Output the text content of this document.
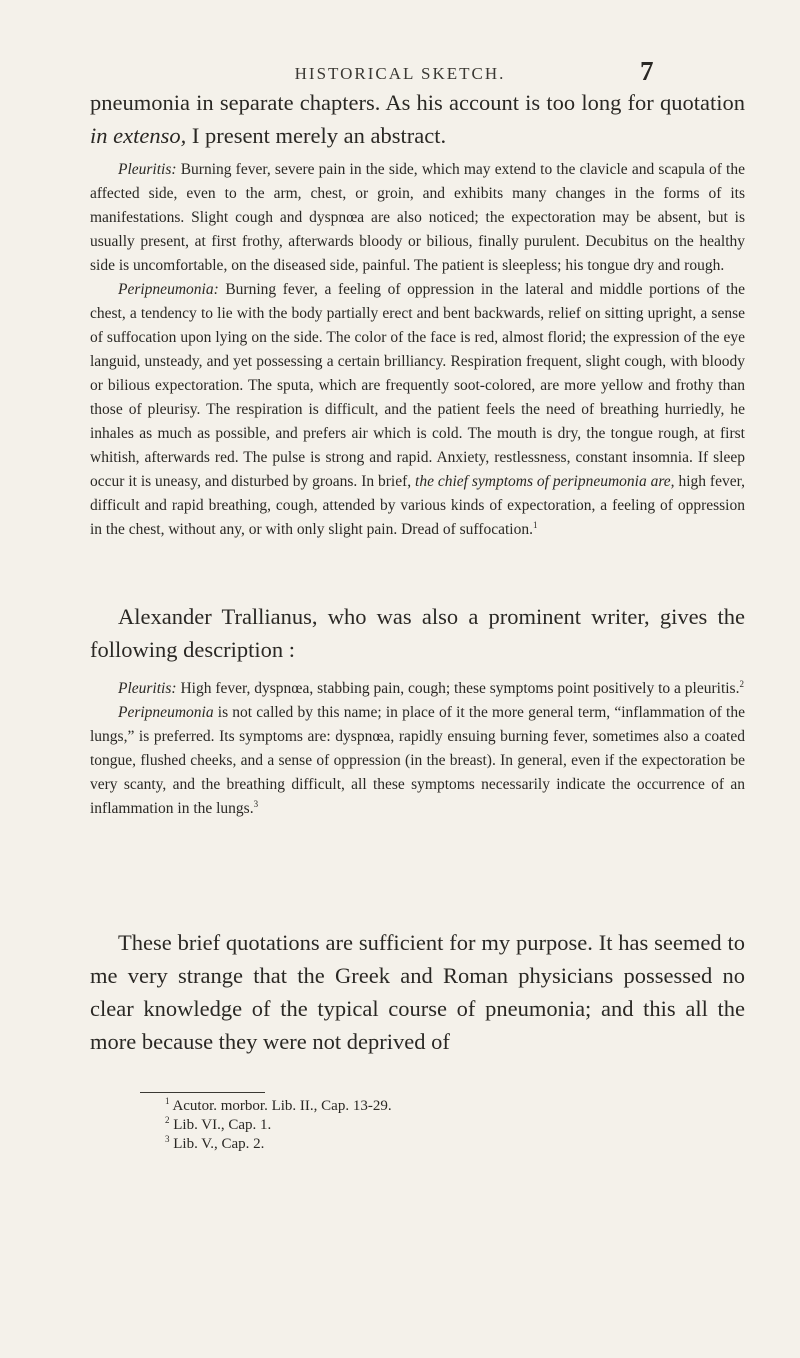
HISTORICAL SKETCH.	7

pneumonia in separate chapters. As his account is too long for quotation in extenso, I present merely an abstract.

Pleuritis: Burning fever, severe pain in the side, which may extend to the clavicle and scapula of the affected side, even to the arm, chest, or groin, and exhibits many changes in the forms of its manifestations. Slight cough and dyspnœa are also noticed; the expectoration may be absent, but is usually present, at first frothy, afterwards bloody or bilious, finally purulent. Decubitus on the healthy side is uncomfortable, on the diseased side, painful. The patient is sleepless; his tongue dry and rough.

Peripneumonia: Burning fever, a feeling of oppression in the lateral and middle portions of the chest, a tendency to lie with the body partially erect and bent backwards, relief on sitting upright, a sense of suffocation upon lying on the side. The color of the face is red, almost florid; the expression of the eye languid, unsteady, and yet possessing a certain brilliancy. Respiration frequent, slight cough, with bloody or bilious expectoration. The sputa, which are frequently soot-colored, are more yellow and frothy than those of pleurisy. The respiration is difficult, and the patient feels the need of breathing hurriedly, he inhales as much as possible, and prefers air which is cold. The mouth is dry, the tongue rough, at first whitish, afterwards red. The pulse is strong and rapid. Anxiety, restlessness, constant insomnia. If sleep occur it is uneasy, and disturbed by groans. In brief, the chief symptoms of peripneumonia are, high fever, difficult and rapid breathing, cough, attended by various kinds of expectoration, a feeling of oppression in the chest, without any, or with only slight pain. Dread of suffocation.$^1$

Alexander Trallianus, who was also a prominent writer, gives the following description :

Pleuritis: High fever, dyspnœa, stabbing pain, cough; these symptoms point positively to a pleuritis.$^2$

Peripneumonia is not called by this name; in place of it the more general term, “inflammation of the lungs,” is preferred. Its symptoms are: dyspnœa, rapidly ensuing burning fever, sometimes also a coated tongue, flushed cheeks, and a sense of oppression (in the breast). In general, even if the expectoration be very scanty, and the breathing difficult, all these symptoms necessarily indicate the occurrence of an inflammation in the lungs.$^3$

These brief quotations are sufficient for my purpose. It has seemed to me very strange that the Greek and Roman physicians possessed no clear knowledge of the typical course of pneumonia; and this all the more because they were not deprived of

$^1$ Acutor. morbor. Lib. II., Cap. 13-29.
$^2$ Lib. VI., Cap. 1.
$^3$ Lib. V., Cap. 2.
